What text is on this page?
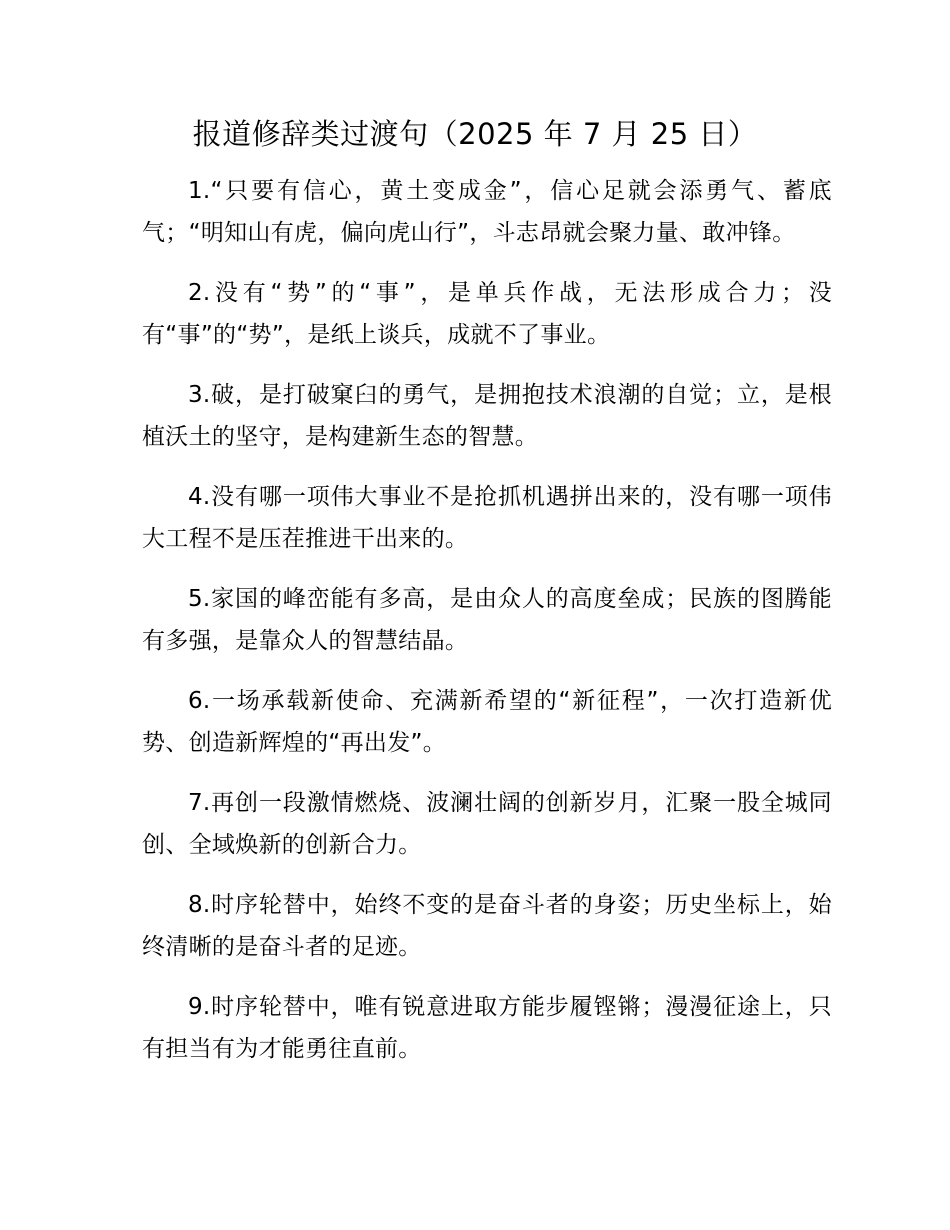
报道修辞类过渡句（2025 年 7 月 25 日）

1.“只要有信心，黄土变成金”，信心足就会添勇气、蓄底气；“明知山有虎，偏向虎山行”，斗志昂就会聚力量、敢冲锋。

2.没有“势”的“事”，是单兵作战，无法形成合力；没有“事”的“势”，是纸上谈兵，成就不了事业。

3.破，是打破窠臼的勇气，是拥抱技术浪潮的自觉；立，是根植沃土的坚守，是构建新生态的智慧。

4.没有哪一项伟大事业不是抢抓机遇拼出来的，没有哪一项伟大工程不是压茬推进干出来的。

5.家国的峰峦能有多高，是由众人的高度垒成；民族的图腾能有多强，是靠众人的智慧结晶。

6.一场承载新使命、充满新希望的“新征程”，一次打造新优势、创造新辉煌的“再出发”。

7.再创一段激情燃烧、波澜壮阔的创新岁月，汇聚一股全城同创、全域焕新的创新合力。

8.时序轮替中，始终不变的是奋斗者的身姿；历史坐标上，始终清晰的是奋斗者的足迹。

9.时序轮替中，唯有锐意进取方能步履铿锵；漫漫征途上，只有担当有为才能勇往直前。
